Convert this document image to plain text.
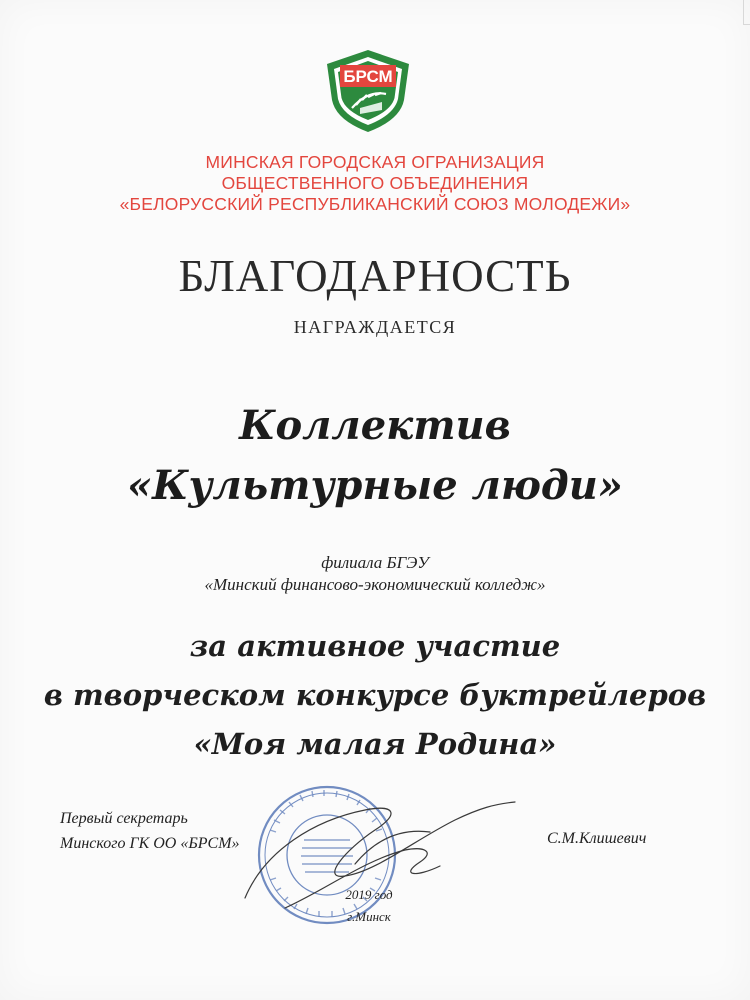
БРСМ
МИНСКАЯ ГОРОДСКАЯ ОГРАНИЗАЦИЯ
ОБЩЕСТВЕННОГО ОБЪЕДИНЕНИЯ
«БЕЛОРУССКИЙ РЕСПУБЛИКАНСКИЙ СОЮЗ МОЛОДЕЖИ»
БЛАГОДАРНОСТЬ
НАГРАЖДАЕТСЯ
Коллектив
«Культурные люди»
филиала БГЭУ
«Минский финансово-экономический колледж»
за активное участие
в творческом конкурсе буктрейлеров
«Моя малая Родина»
Первый секретарь
Минского ГК ОО «БРСМ»	С.М.Клишевич
2019 год
г.Минск
